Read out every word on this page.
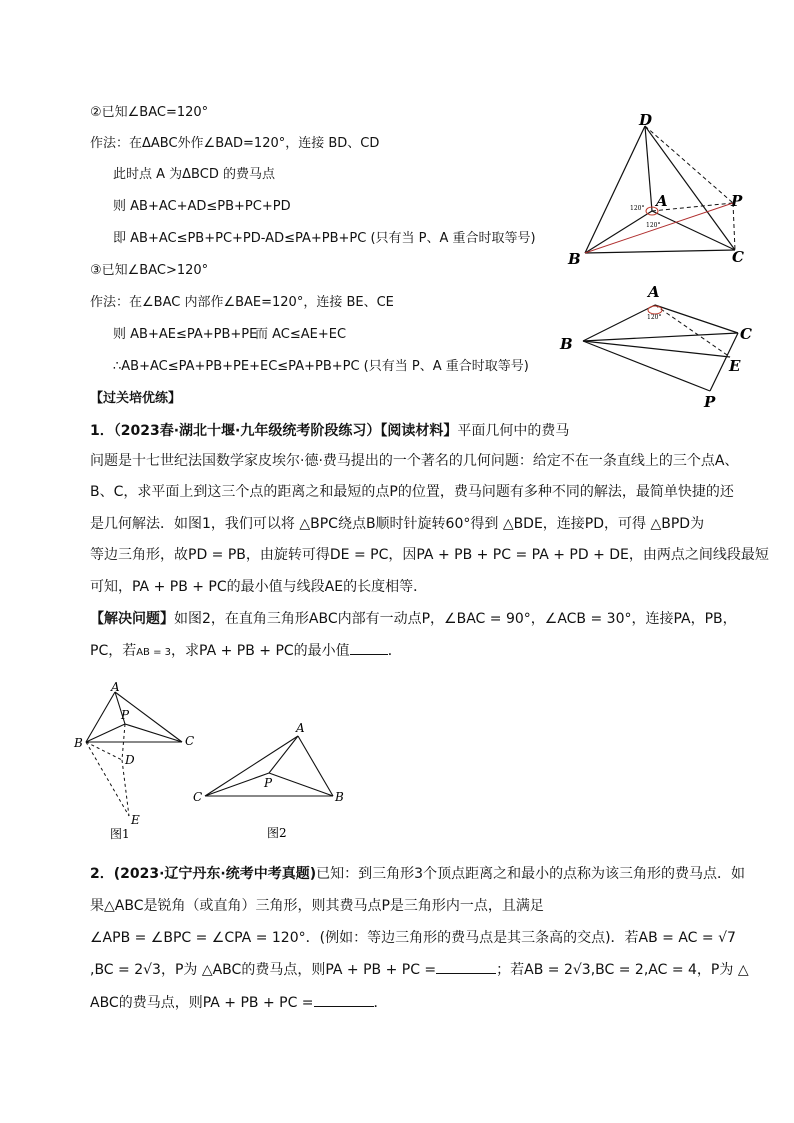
②已知∠BAC=120°
作法：在ΔABC外作∠BAD=120°，连接 BD、CD
此时点 A 为ΔBCD 的费马点
则 AB+AC+AD≤PB+PC+PD
即 AB+AC≤PB+PC+PD-AD≤PA+PB+PC (只有当 P、A 重合时取等号)
③已知∠BAC>120°
作法：在∠BAC 内部作∠BAE=120°，连接 BE、CE
则 AB+AE≤PA+PB+PE
而 AC≤AE+EC
∴AB+AC≤PA+PB+PE+EC≤PA+PB+PC (只有当 P、A 重合时取等号)
【过关培优练】
1．（2023春·湖北十堰·九年级统考阶段练习）【阅读材料】平面几何中的费马
问题是十七世纪法国数学家皮埃尔·德·费马提出的一个著名的几何问题：给定不在一条直线上的三个点A、
B、C，求平面上到这三个点的距离之和最短的点P的位置，费马问题有多种不同的解法，最简单快捷的还
是几何解法．如图1，我们可以将 △BPC绕点B顺时针旋转60°得到 △BDE，连接PD，可得 △BPD为
等边三角形，故PD = PB，由旋转可得DE = PC，因PA + PB + PC = PA + PD + DE，由两点之间线段最短
可知，PA + PB + PC的最小值与线段AE的长度相等．
【解决问题】如图2，在直角三角形ABC内部有一动点P，∠BAC = 90°，∠ACB = 30°，连接PA，PB，
PC，若AB = 3，求PA + PB + PC的最小值	．
2．(2023·辽宁丹东·统考中考真题)已知：到三角形3个顶点距离之和最小的点称为该三角形的费马点．如
果△ABC是锐角（或直角）三角形，则其费马点P是三角形内一点，且满足
∠APB = ∠BPC = ∠CPA = 120°．(例如：等边三角形的费马点是其三条高的交点)．若AB = AC = √7
,BC = 2√3，P为 △ABC的费马点，则PA + PB + PC =	；若AB = 2√3,BC = 2,AC = 4，P为 △
ABC的费马点，则PA + PB + PC =	．
D
A	P
B	C
120°
120°
A
B
C
E
P
120°
A
P
B	C
D
E
图1
A
P
C	B
图2
